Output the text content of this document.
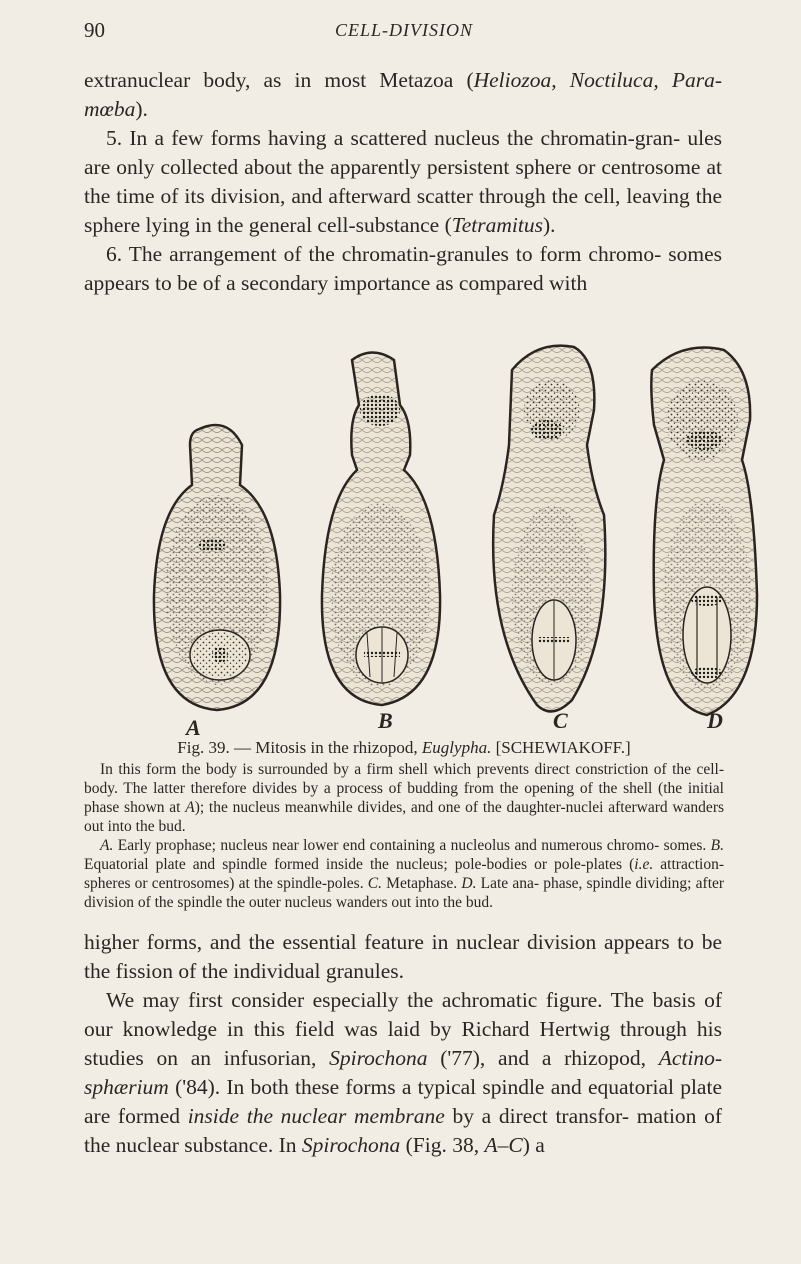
90	CELL-DIVISION

extranuclear body, as in most Metazoa (Heliozoa, Noctiluca, Para- mœba).

5. In a few forms having a scattered nucleus the chromatin-gran- ules are only collected about the apparently persistent sphere or centrosome at the time of its division, and afterward scatter through the cell, leaving the sphere lying in the general cell-substance (Tetramitus).

6. The arrangement of the chromatin-granules to form chromo- somes appears to be of a secondary importance as compared with

A	B	C	D
Fig. 39. — Mitosis in the rhizopod, Euglypha. [SCHEWIAKOFF.]

In this form the body is surrounded by a firm shell which prevents direct constriction of the cell-body. The latter therefore divides by a process of budding from the opening of the shell (the initial phase shown at A); the nucleus meanwhile divides, and one of the daughter-nuclei afterward wanders out into the bud.

A. Early prophase; nucleus near lower end containing a nucleolus and numerous chromo- somes. B. Equatorial plate and spindle formed inside the nucleus; pole-bodies or pole-plates (i.e. attraction-spheres or centrosomes) at the spindle-poles. C. Metaphase. D. Late ana- phase, spindle dividing; after division of the spindle the outer nucleus wanders out into the bud.

higher forms, and the essential feature in nuclear division appears to be the fission of the individual granules.

We may first consider especially the achromatic figure. The basis of our knowledge in this field was laid by Richard Hertwig through his studies on an infusorian, Spirochona ('77), and a rhizopod, Actino- sphærium ('84). In both these forms a typical spindle and equatorial plate are formed inside the nuclear membrane by a direct transfor- mation of the nuclear substance. In Spirochona (Fig. 38, A–C) a
